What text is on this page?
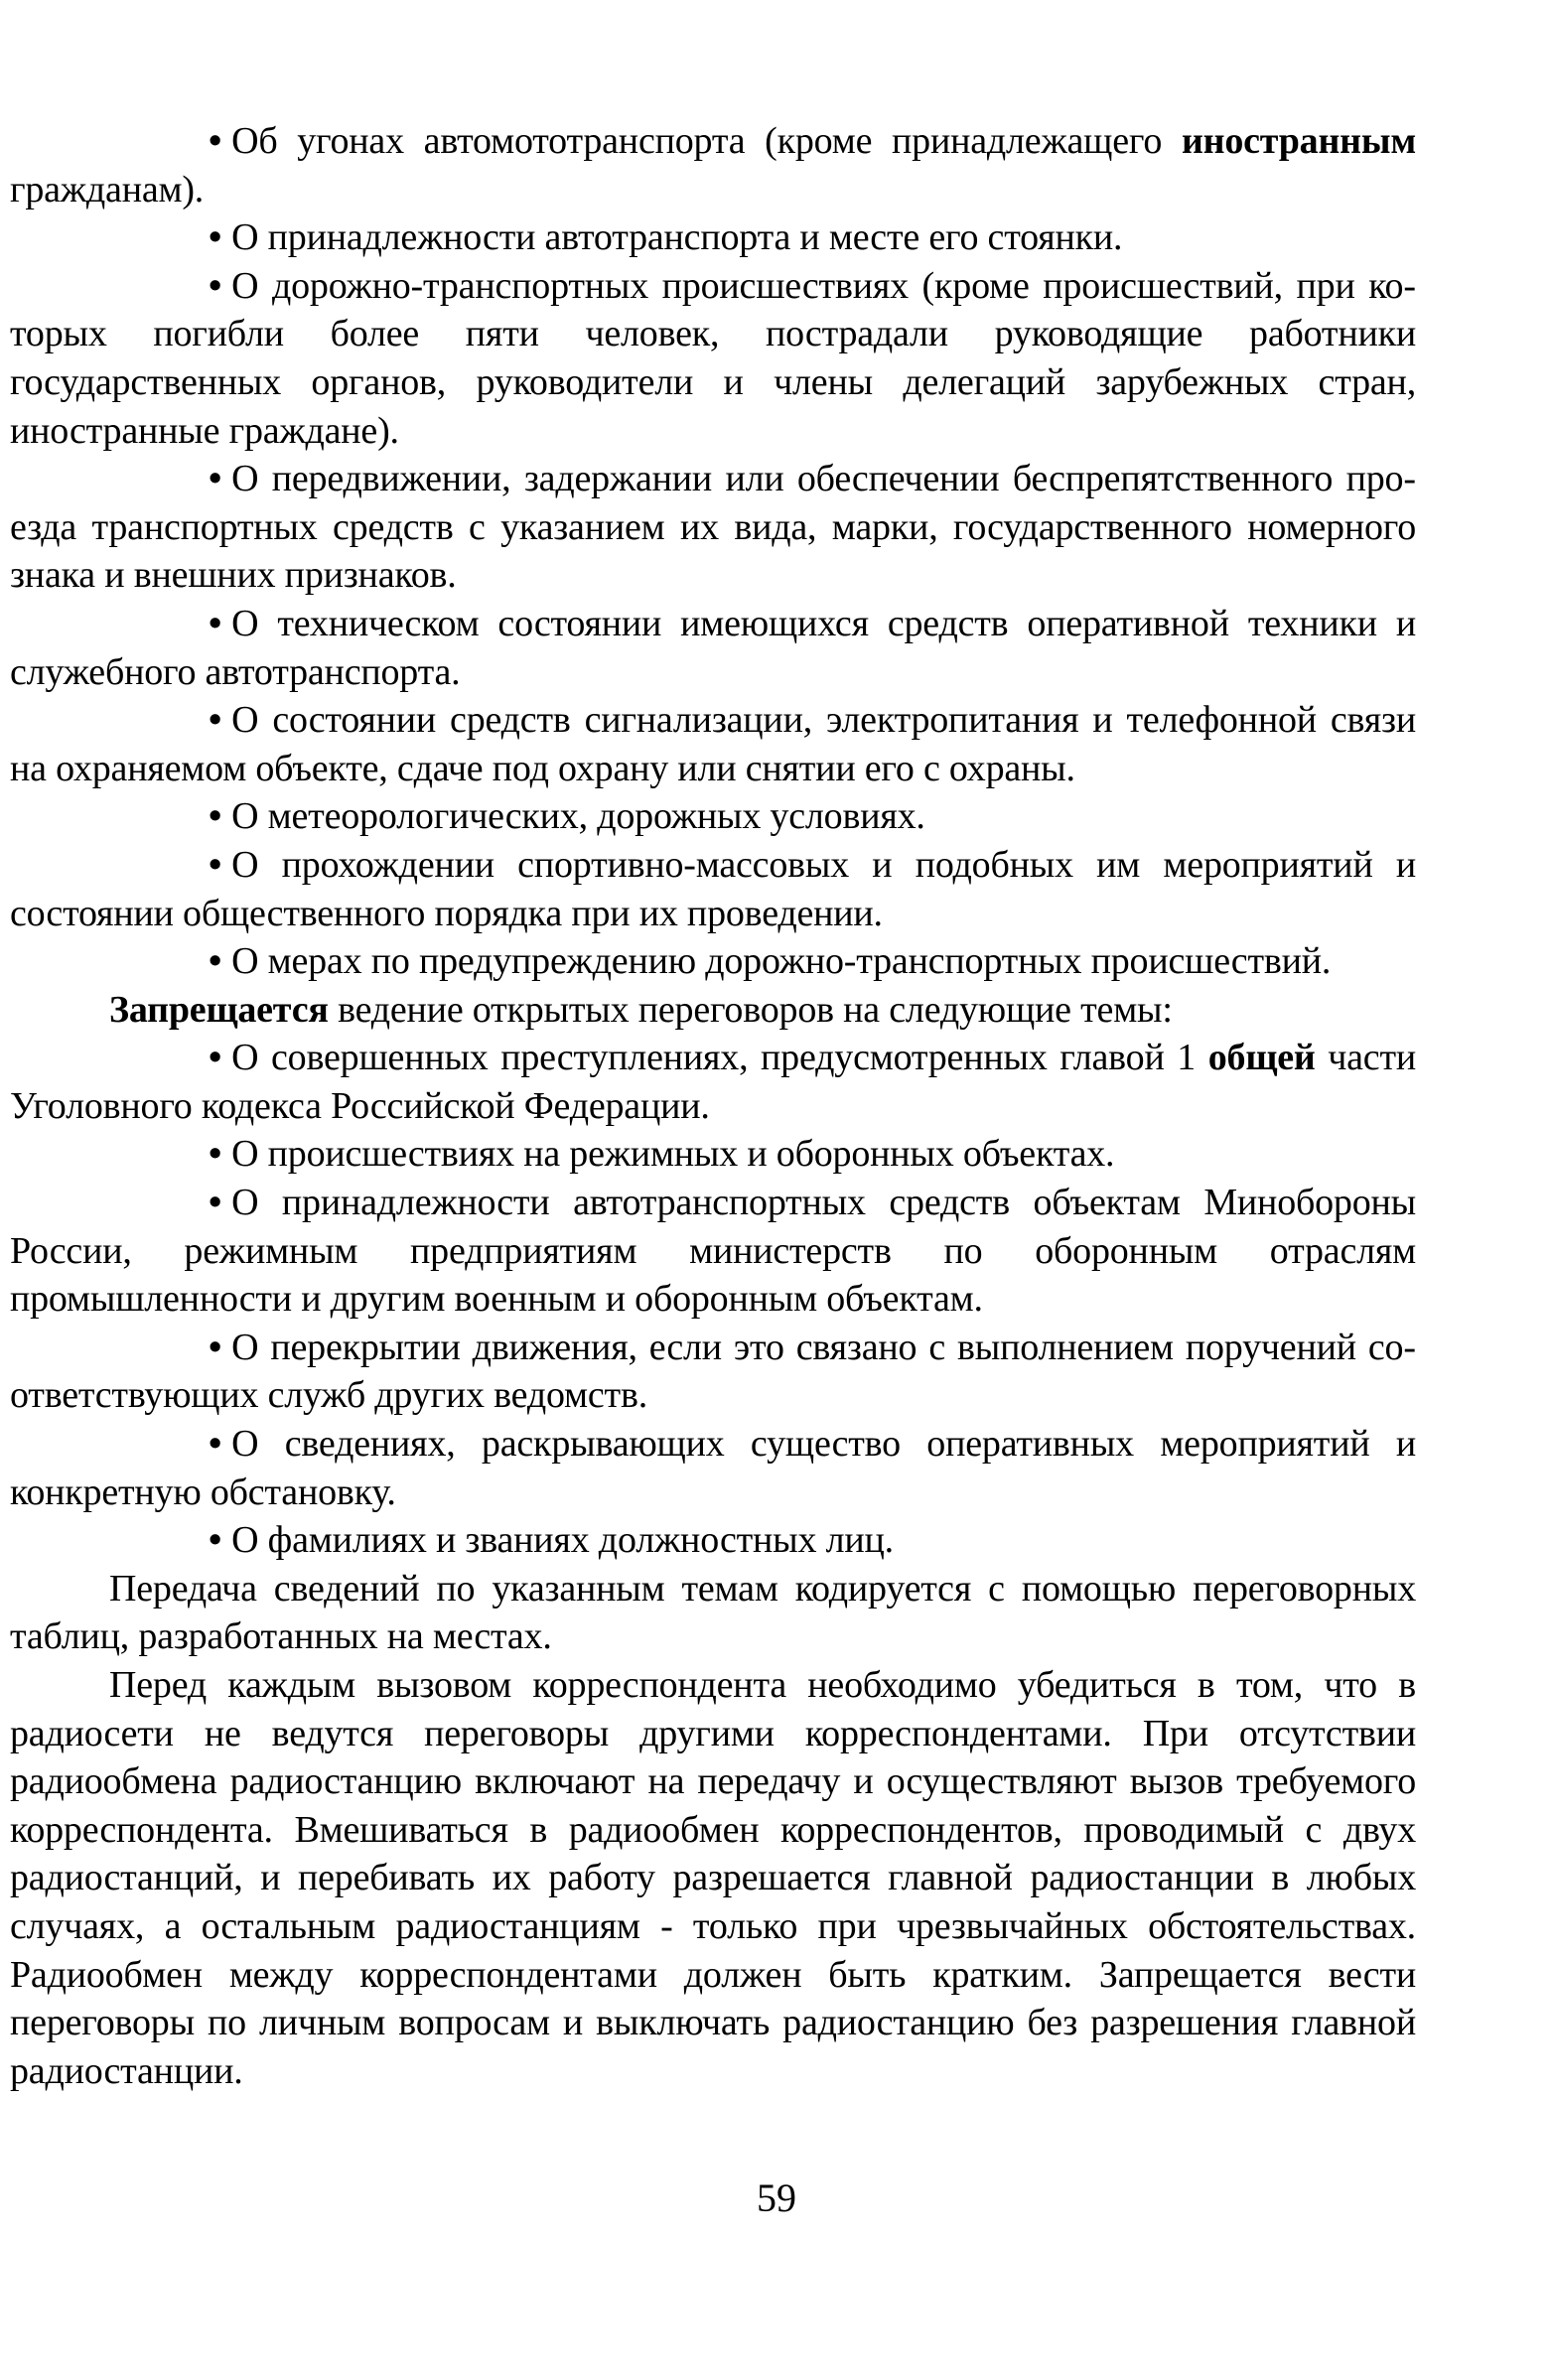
• Об угонах автомототранспорта (кроме принадлежащего иностранным гражданам).

• О принадлежности автотранспорта и месте его стоянки.

• О дорожно-транспортных происшествиях (кроме происшествий, при которых погибли более пяти человек, пострадали руководящие работники государственных органов, руководители и члены делегаций зарубежных стран, иностранные граждане).

• О передвижении, задержании или обеспечении беспрепятственного проезда транспортных средств с указанием их вида, марки, государственного номерного знака и внешних признаков.

• О техническом состоянии имеющихся средств оперативной техники и служебного автотранспорта.

• О состоянии средств сигнализации, электропитания и телефонной связи на охраняемом объекте, сдаче под охрану или снятии его с охраны.

• О метеорологических, дорожных условиях.

• О прохождении спортивно-массовых и подобных им мероприятий и состоянии общественного порядка при их проведении.

• О мерах по предупреждению дорожно-транспортных происшествий.

Запрещается ведение открытых переговоров на следующие темы:

• О совершенных преступлениях, предусмотренных главой 1 общей части Уголовного кодекса Российской Федерации.

• О происшествиях на режимных и оборонных объектах.

• О принадлежности автотранспортных средств объектам Минобороны России, режимным предприятиям министерств по оборонным отраслям промышленности и другим военным и оборонным объектам.

• О перекрытии движения, если это связано с выполнением поручений соответствующих служб других ведомств.

• О сведениях, раскрывающих существо оперативных мероприятий и конкретную обстановку.

• О фамилиях и званиях должностных лиц.

Передача сведений по указанным темам кодируется с помощью переговорных таблиц, разработанных на местах.

Перед каждым вызовом корреспондента необходимо убедиться в том, что в радиосети не ведутся переговоры другими корреспондентами. При отсутствии радиообмена радиостанцию включают на передачу и осуществляют вызов требуемого корреспондента. Вмешиваться в радиообмен корреспондентов, проводимый с двух радиостанций, и перебивать их работу разрешается главной радиостанции в любых случаях, а остальным радиостанциям - только при чрезвычайных обстоятельствах. Радиообмен между корреспондентами должен быть кратким. Запрещается вести переговоры по личным вопросам и выключать радиостанцию без разрешения главной радиостанции.

59
